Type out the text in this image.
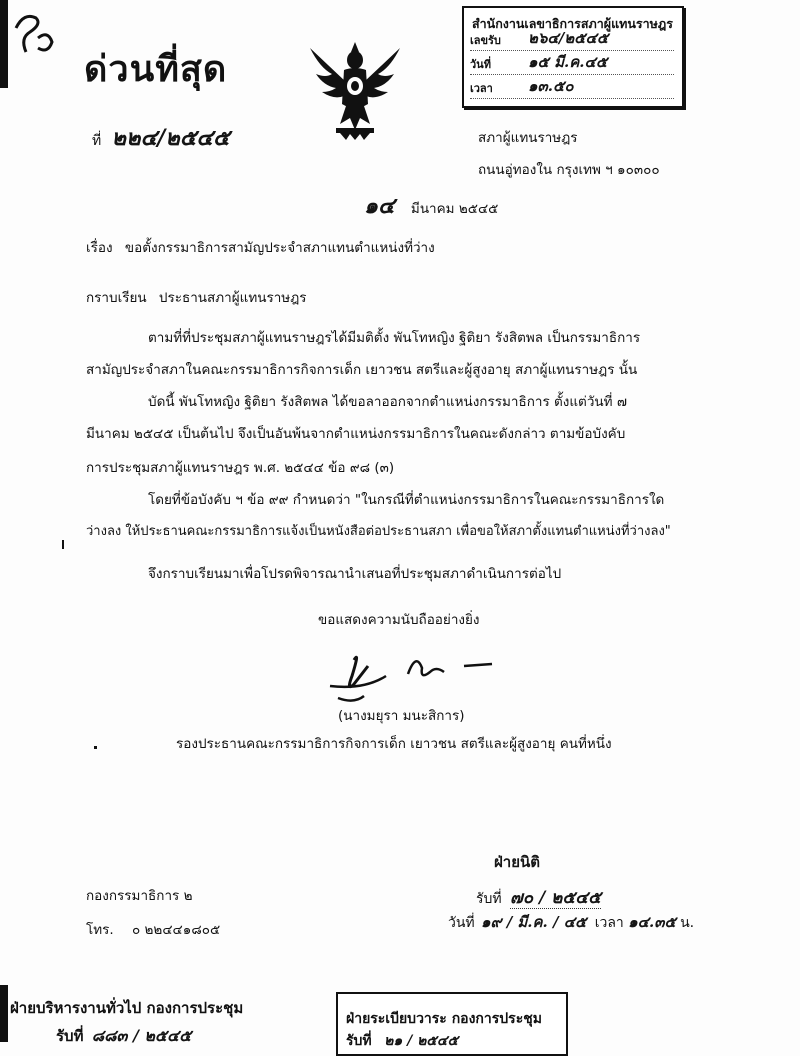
ด่วนที่สุด
ที่ ๒๒๔/๒๕๔๕
สำนักงานเลขาธิการสภาผู้แทนราษฎร
เลขรับ ๒๖๔/๒๕๔๕
วันที่ ๑๕ มี.ค.๔๕
เวลา ๑๓.๕๐
สภาผู้แทนราษฎร
ถนนอู่ทองใน กรุงเทพ ฯ ๑๐๓๐๐
๑๔ มีนาคม ๒๕๔๕
เรื่อง ขอตั้งกรรมาธิการสามัญประจำสภาแทนตำแหน่งที่ว่าง
กราบเรียน ประธานสภาผู้แทนราษฎร
ตามที่ที่ประชุมสภาผู้แทนราษฎรได้มีมติตั้ง พันโทหญิง ฐิติยา รังสิตพล เป็นกรรมาธิการ
สามัญประจำสภาในคณะกรรมาธิการกิจการเด็ก เยาวชน สตรีและผู้สูงอายุ สภาผู้แทนราษฎร นั้น
บัดนี้ พันโทหญิง ฐิติยา รังสิตพล ได้ขอลาออกจากตำแหน่งกรรมาธิการ ตั้งแต่วันที่ ๗
มีนาคม ๒๕๔๕ เป็นต้นไป จึงเป็นอันพ้นจากตำแหน่งกรรมาธิการในคณะดังกล่าว ตามข้อบังคับ
การประชุมสภาผู้แทนราษฎร พ.ศ. ๒๕๔๔ ข้อ ๙๘ (๓)
โดยที่ข้อบังคับ ฯ ข้อ ๙๙ กำหนดว่า "ในกรณีที่ตำแหน่งกรรมาธิการในคณะกรรมาธิการใด
ว่างลง ให้ประธานคณะกรรมาธิการแจ้งเป็นหนังสือต่อประธานสภา เพื่อขอให้สภาตั้งแทนตำแหน่งที่ว่างลง"
จึงกราบเรียนมาเพื่อโปรดพิจารณานำเสนอที่ประชุมสภาดำเนินการต่อไป
ขอแสดงความนับถืออย่างยิ่ง
(นางมยุรา มนะสิการ)
รองประธานคณะกรรมาธิการกิจการเด็ก เยาวชน สตรีและผู้สูงอายุ คนที่หนึ่ง
ฝ่ายนิติ
รับที่ ๗๐ / ๒๕๔๕
วันที่ ๑๙ / มี.ค. / ๔๕ เวลา ๑๔.๓๕ น.
กองกรรมาธิการ ๒
โทร. ๐ ๒๒๔๔๑๘๐๕
ฝ่ายบริหารงานทั่วไป กองการประชุม
รับที่ ๘๘๓ / ๒๕๔๕
ฝ่ายระเบียบวาระ กองการประชุม
รับที่ ๒๑ / ๒๕๔๕
